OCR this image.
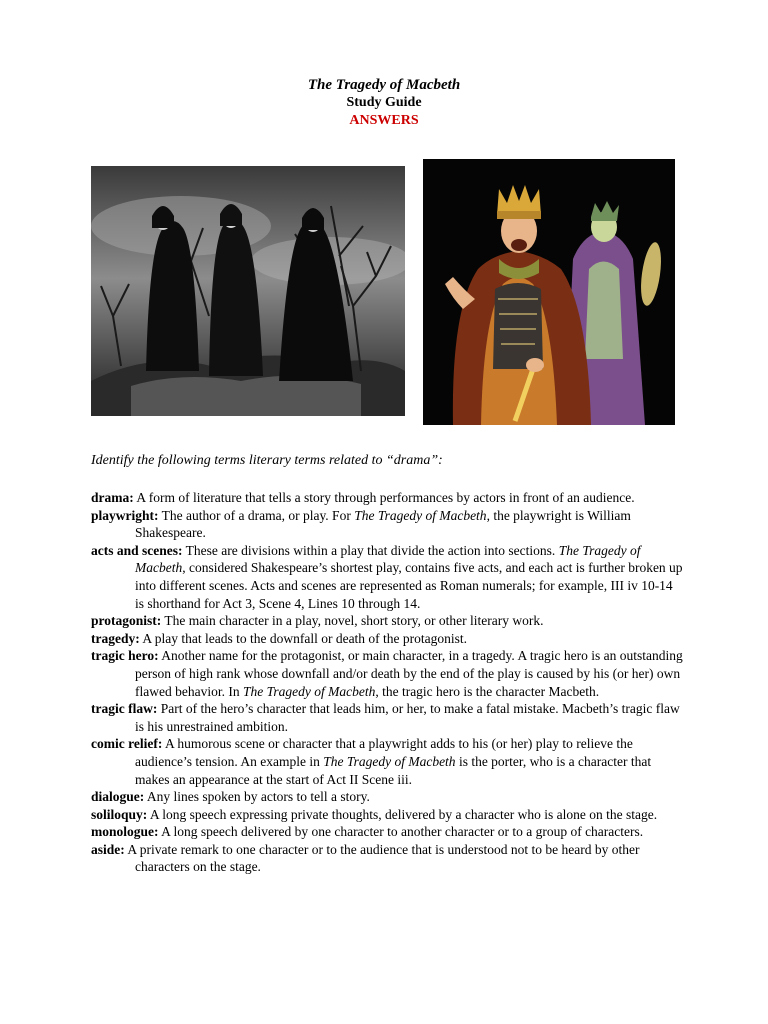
The Tragedy of Macbeth
Study Guide
ANSWERS
Identify the following terms literary terms related to “drama”:
drama: A form of literature that tells a story through performances by actors in front of an audience.
playwright: The author of a drama, or play. For The Tragedy of Macbeth, the playwright is William Shakespeare.
acts and scenes: These are divisions within a play that divide the action into sections. The Tragedy of Macbeth, considered Shakespeare’s shortest play, contains five acts, and each act is further broken up into different scenes. Acts and scenes are represented as Roman numerals; for example, III iv 10-14 is shorthand for Act 3, Scene 4, Lines 10 through 14.
protagonist: The main character in a play, novel, short story, or other literary work.
tragedy: A play that leads to the downfall or death of the protagonist.
tragic hero: Another name for the protagonist, or main character, in a tragedy. A tragic hero is an outstanding person of high rank whose downfall and/or death by the end of the play is caused by his (or her) own flawed behavior. In The Tragedy of Macbeth, the tragic hero is the character Macbeth.
tragic flaw: Part of the hero’s character that leads him, or her, to make a fatal mistake. Macbeth’s tragic flaw is his unrestrained ambition.
comic relief: A humorous scene or character that a playwright adds to his (or her) play to relieve the audience’s tension. An example in The Tragedy of Macbeth is the porter, who is a character that makes an appearance at the start of Act II Scene iii.
dialogue: Any lines spoken by actors to tell a story.
soliloquy: A long speech expressing private thoughts, delivered by a character who is alone on the stage.
monologue: A long speech delivered by one character to another character or to a group of characters.
aside: A private remark to one character or to the audience that is understood not to be heard by other characters on the stage.
